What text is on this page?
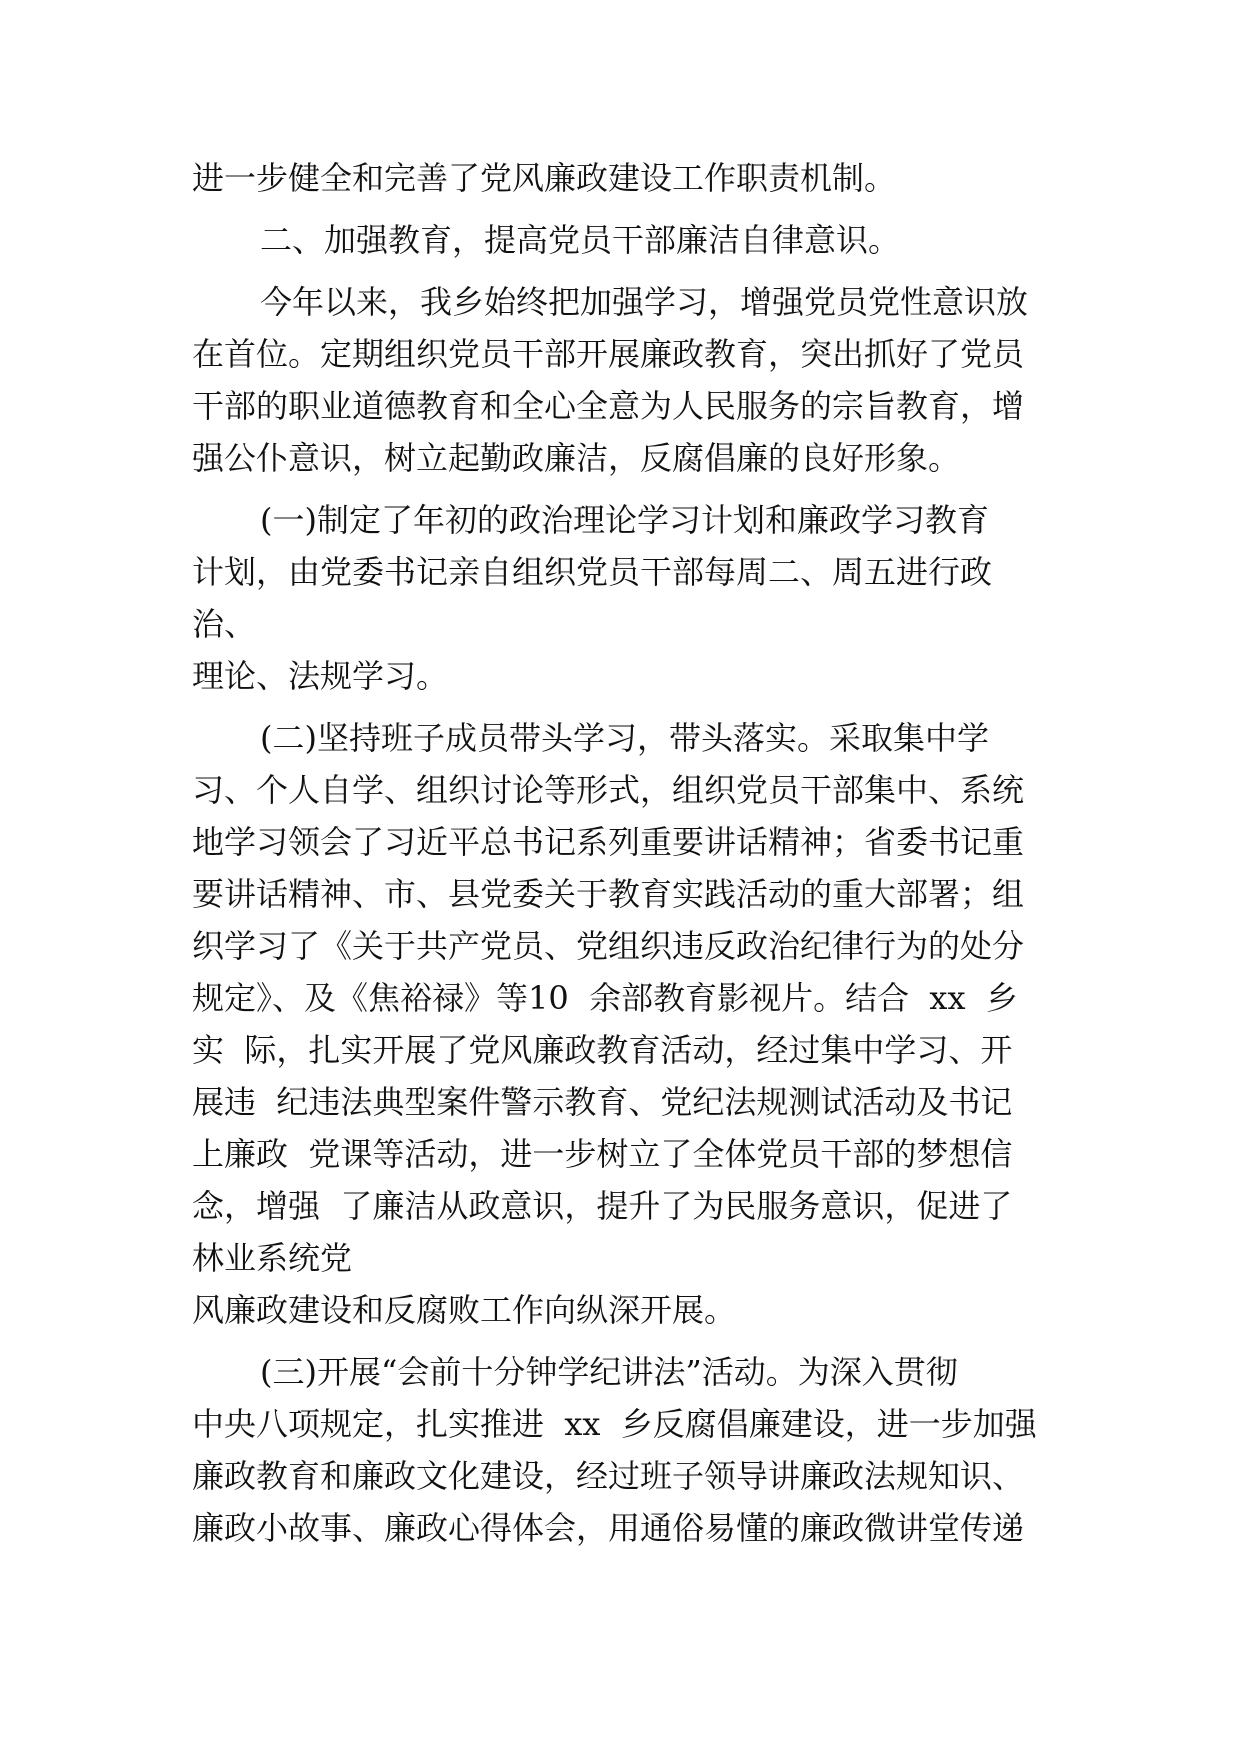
进一步健全和完善了党风廉政建设工作职责机制。
二、加强教育，提高党员干部廉洁自律意识。
今年以来，我乡始终把加强学习，增强党员党性意识放
在首位。定期组织党员干部开展廉政教育，突出抓好了党员
干部的职业道德教育和全心全意为人民服务的宗旨教育，增
强公仆意识，树立起勤政廉洁，反腐倡廉的良好形象。
(一)制定了年初的政治理论学习计划和廉政学习教育
计划，由党委书记亲自组织党员干部每周二、周五进行政
治、
理论、法规学习。
(二)坚持班子成员带头学习，带头落实。采取集中学
习、个人自学、组织讨论等形式，组织党员干部集中、系统
地学习领会了习近平总书记系列重要讲话精神；省委书记重
要讲话精神、市、县党委关于教育实践活动的重大部署；组
织学习了《关于共产党员、党组织违反政治纪律行为的处分
规定》、及《焦裕禄》等10  余部教育影视片。结合  xx  乡
实  际，扎实开展了党风廉政教育活动，经过集中学习、开
展违  纪违法典型案件警示教育、党纪法规测试活动及书记
上廉政  党课等活动，进一步树立了全体党员干部的梦想信
念，增强  了廉洁从政意识，提升了为民服务意识，促进了
林业系统党
风廉政建设和反腐败工作向纵深开展。
(三)开展“会前十分钟学纪讲法”活动。为深入贯彻
中央八项规定，扎实推进  xx  乡反腐倡廉建设，进一步加强
廉政教育和廉政文化建设，经过班子领导讲廉政法规知识、
廉政小故事、廉政心得体会，用通俗易懂的廉政微讲堂传递
